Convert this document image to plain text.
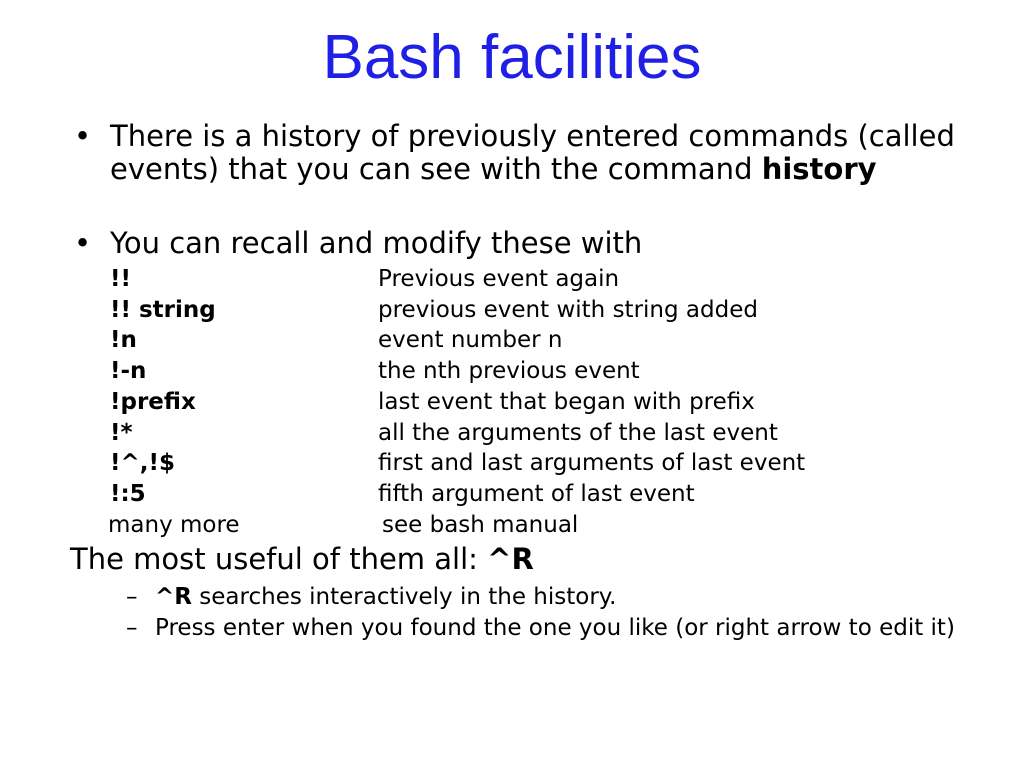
Bash facilities
• There is a history of previously entered commands (called events) that you can see with the command history
• You can recall and modify these with
!!	Previous event again
!! string	previous event with string added
!n	event number n
!-n	the nth previous event
!prefix	last event that began with prefix
!*	all the arguments of the last event
!^,!$	first and last arguments of last event
!:5	fifth argument of last event
many more	see bash manual
The most useful of them all: ^R
– ^R searches interactively in the history.
– Press enter when you found the one you like (or right arrow to edit it)
